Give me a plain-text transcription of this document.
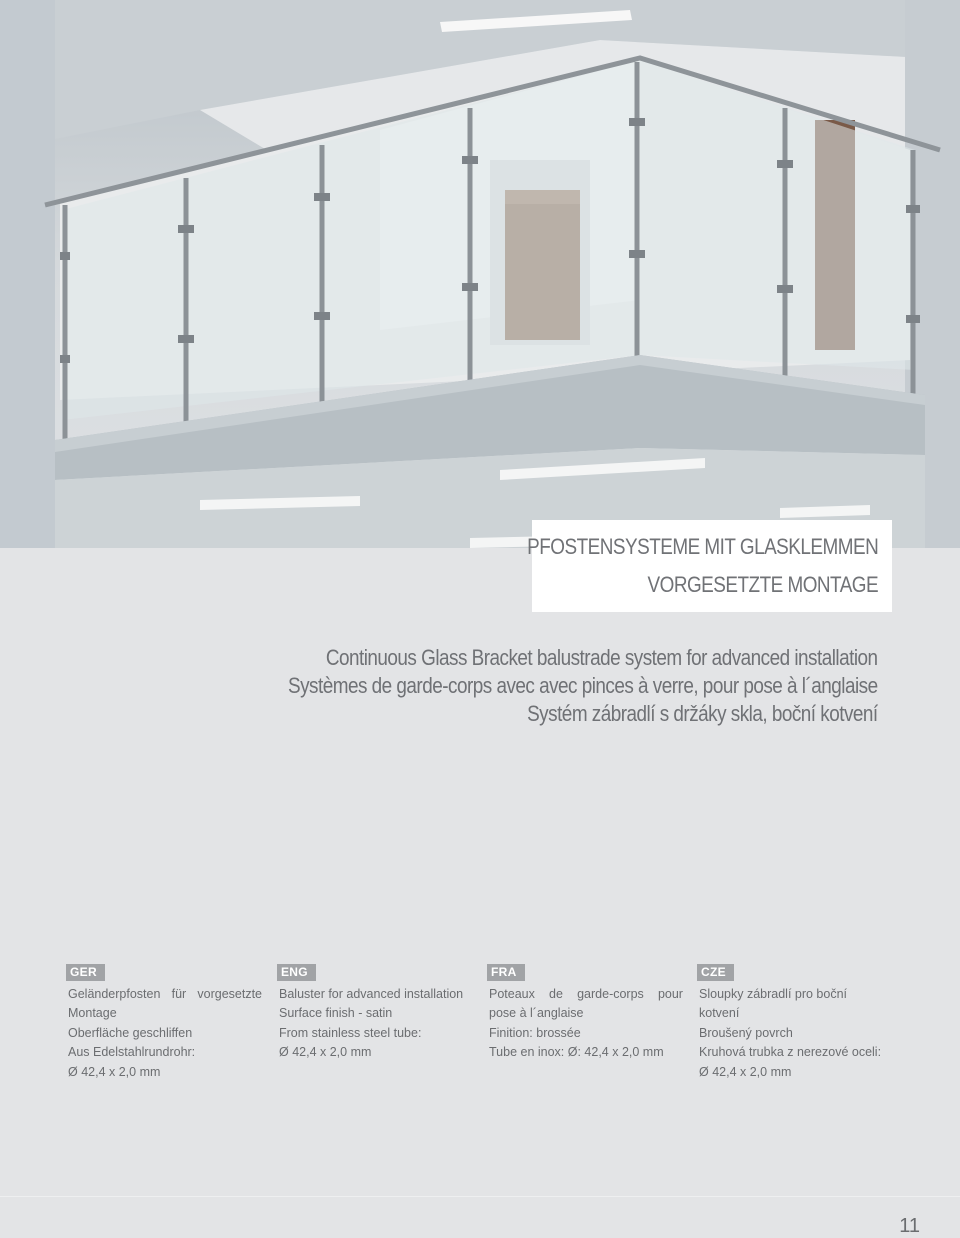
PFOSTENSYSTEME MIT GLASKLEMMEN
VORGESETZTE MONTAGE
Continuous Glass Bracket balustrade system for advanced installation
Systèmes de garde-corps avec avec pinces à verre, pour pose à l´anglaise
Systém zábradlí s držáky skla, boční kotvení
GER
Geländerpfosten für vorgesetzte
Montage
Oberfläche geschliffen
Aus Edelstahlrundrohr:
Ø 42,4 x 2,0 mm
ENG
Baluster for advanced installation
Surface finish - satin
From stainless steel tube:
Ø 42,4 x 2,0 mm
FRA
Poteaux de garde-corps pour
pose à l´anglaise
Finition: brossée
Tube en inox: Ø: 42,4 x 2,0 mm
CZE
Sloupky zábradlí pro boční
kotvení
Broušený povrch
Kruhová trubka z nerezové oceli:
Ø 42,4 x 2,0 mm
11
